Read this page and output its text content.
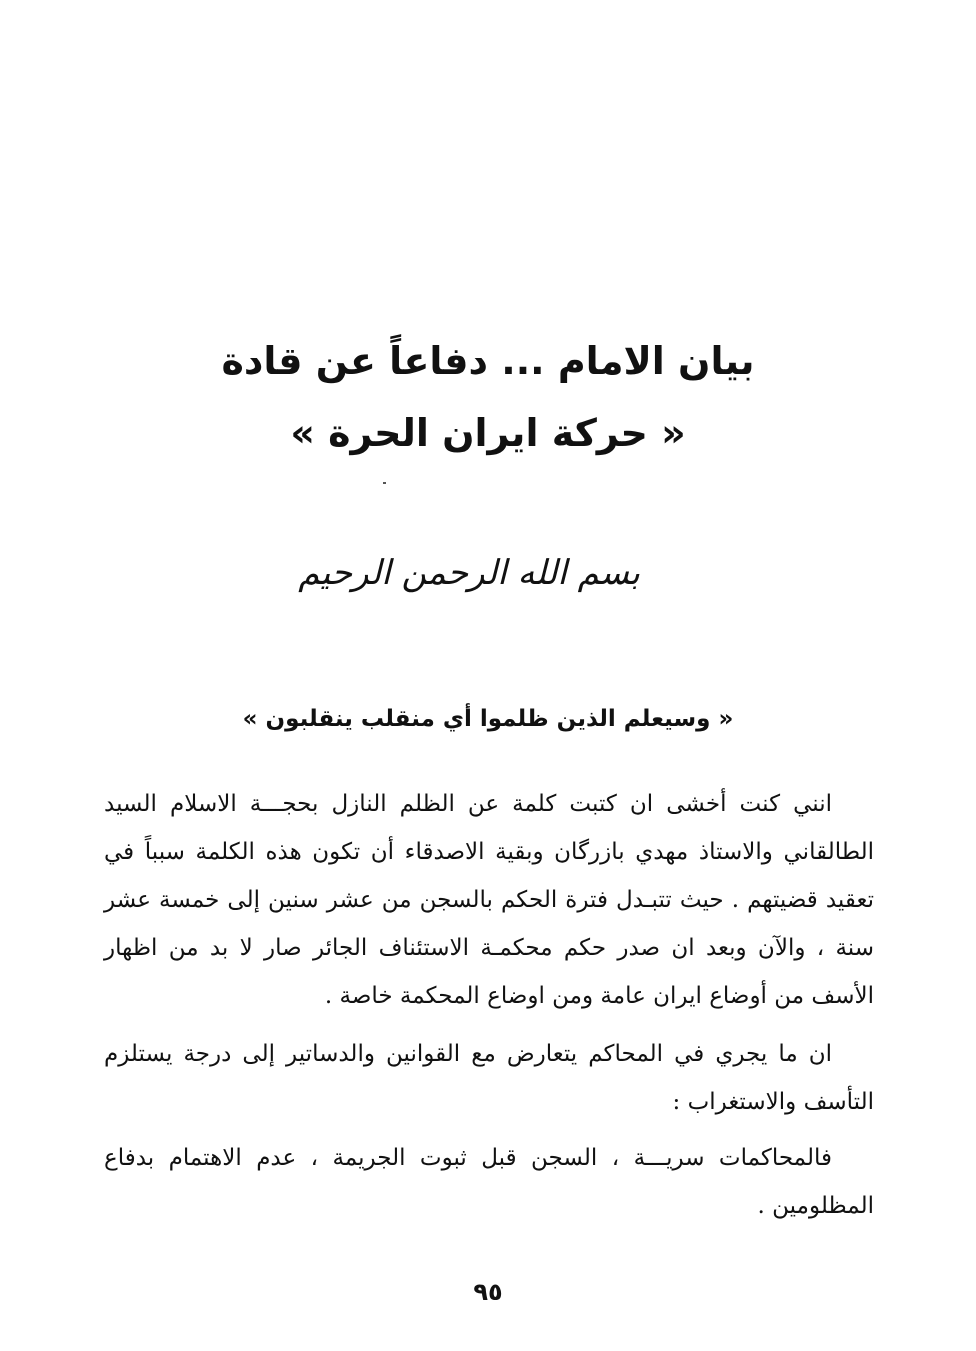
بيان الامام ... دفاعاً عن قادة
« حركة ايران الحرة »
بسم الله الرحمن الرحيم
« وسيعلم الذين ظلموا أي منقلب ينقلبون »

انني كنت أخشى ان كتبت كلمة عن الظلم النازل بحجـــة الاسلام السيد الطالقاني والاستاذ مهدي بازرگان وبقية الاصدقاء أن تكون هذه الكلمة سبباً في تعقيد قضيتهم . حيث تتبـدل فترة الحكم بالسجن من عشر سنين إلى خمسة عشر سنة ، والآن وبعد ان صدر حكم محكمـة الاستئناف الجائر صار لا بد من اظهار الأسف من أوضاع ايران عامة ومن اوضاع المحكمة خاصة .

ان ما يجري في المحاكم يتعارض مع القوانين والدساتير إلى درجة يستلزم التأسف والاستغراب :

فالمحاكمات سريـــة ، السجن قبل ثبوت الجريمة ، عدم الاهتمام بدفاع المظلومين .

٩٥
